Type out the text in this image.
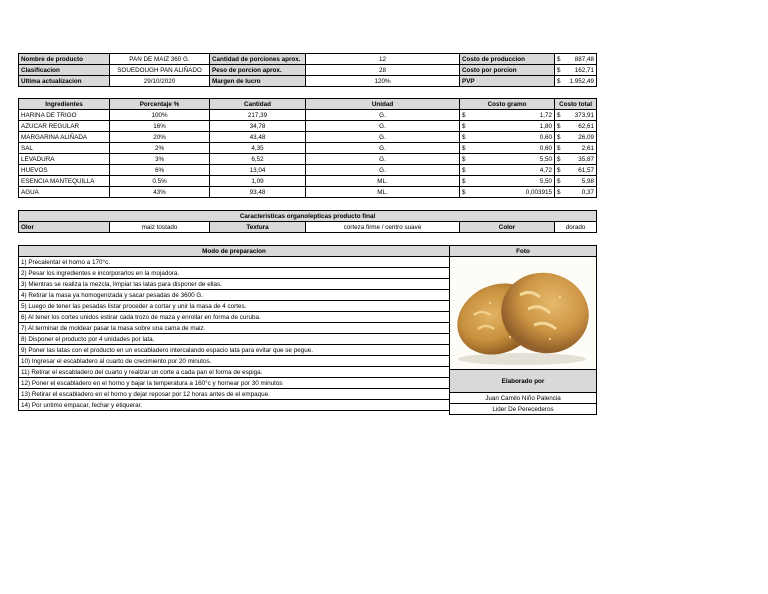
Nombre de producto	PAN DE MAIZ 360 G.	Cantidad de porciones aprox.	12	Costo de produccion	$	887,48
Clasificacion	SOUEDOUGH PAN ALIÑADO	Peso de porcion aprox.	28	Costo por porcion	$	162,71
Ultima actualizacion	29/10/2020	Margen de lucro	120%	PVP	$	1.952,49
Ingredientes	Porcentaje %	Cantidad	Unidad	Costo gramo	Costo total	
HARINA DE TRIGO	100%	217,39	G.	$ 1,72	$	373,91
AZUCAR REGULAR	16%	34,78	G.	$ 1,80	$	62,61
MARGARINA ALIÑADA	20%	43,48	G.	$ 0,60	$	26,09
SAL	2%	4,35	G.	$ 0,60	$	2,61
LEVADURA	3%	6,52	G.	$ 5,50	$	35,87
HUEVOS	6%	13,04	G.	$ 4,72	$	61,57
ESENCIA MANTEQUILLA	0.5%	1,09	ML.	$ 5,50	$	5,98
AGUA	43%	93,48	ML.	$ 0,003915	$	0,37
Caracteristicas organolepticas producto final
Olor	maiz tostado	Textura	corteza firme / centro suave	Color	dorado
Modo de preparacion
1) Precalentar el horno a 170°c.
2) Pesar los ingredientes e incorporarlos en la mojadora.
3) Mientras se realiza la mezcla, limpiar las latas para disponer de ellas.
4) Retirar la masa ya homogenizada y sacar pesadas de 3600 G.
5) Luego de tener las pesadas listar proceder a cortar y unir la masa de 4 cortes.
6) Al tener los cortes unidos estirar cada trozo de maza y enrollar en forma de curuba.
7) Al terminar de moldear pasar la masa sobre una cama de maiz.
8) Disponer el producto por 4 unidades por lata.
9) Poner las latas con el producto en un escabladero intercalando espacio lata para evitar que se pegue.
10) Ingresar el escabladero al cuarto de crecimiento por 20 minutos.
11) Retirar el escabladero del cuarto y realizar un corte a cada pan el forma de espiga.
12) Poner el escabladero en el horno y bajar la temperatura a 160°c y hornear por 30 minutos
13) Retirar el escabladero en el horno y dejar reposar por 12 horas antes de el empaque.
14) Por untimo empacar, fechar y etiquerar.
Foto

Elaborado por
Juan Camilo Niño Palencia
Lider De Perecederos
